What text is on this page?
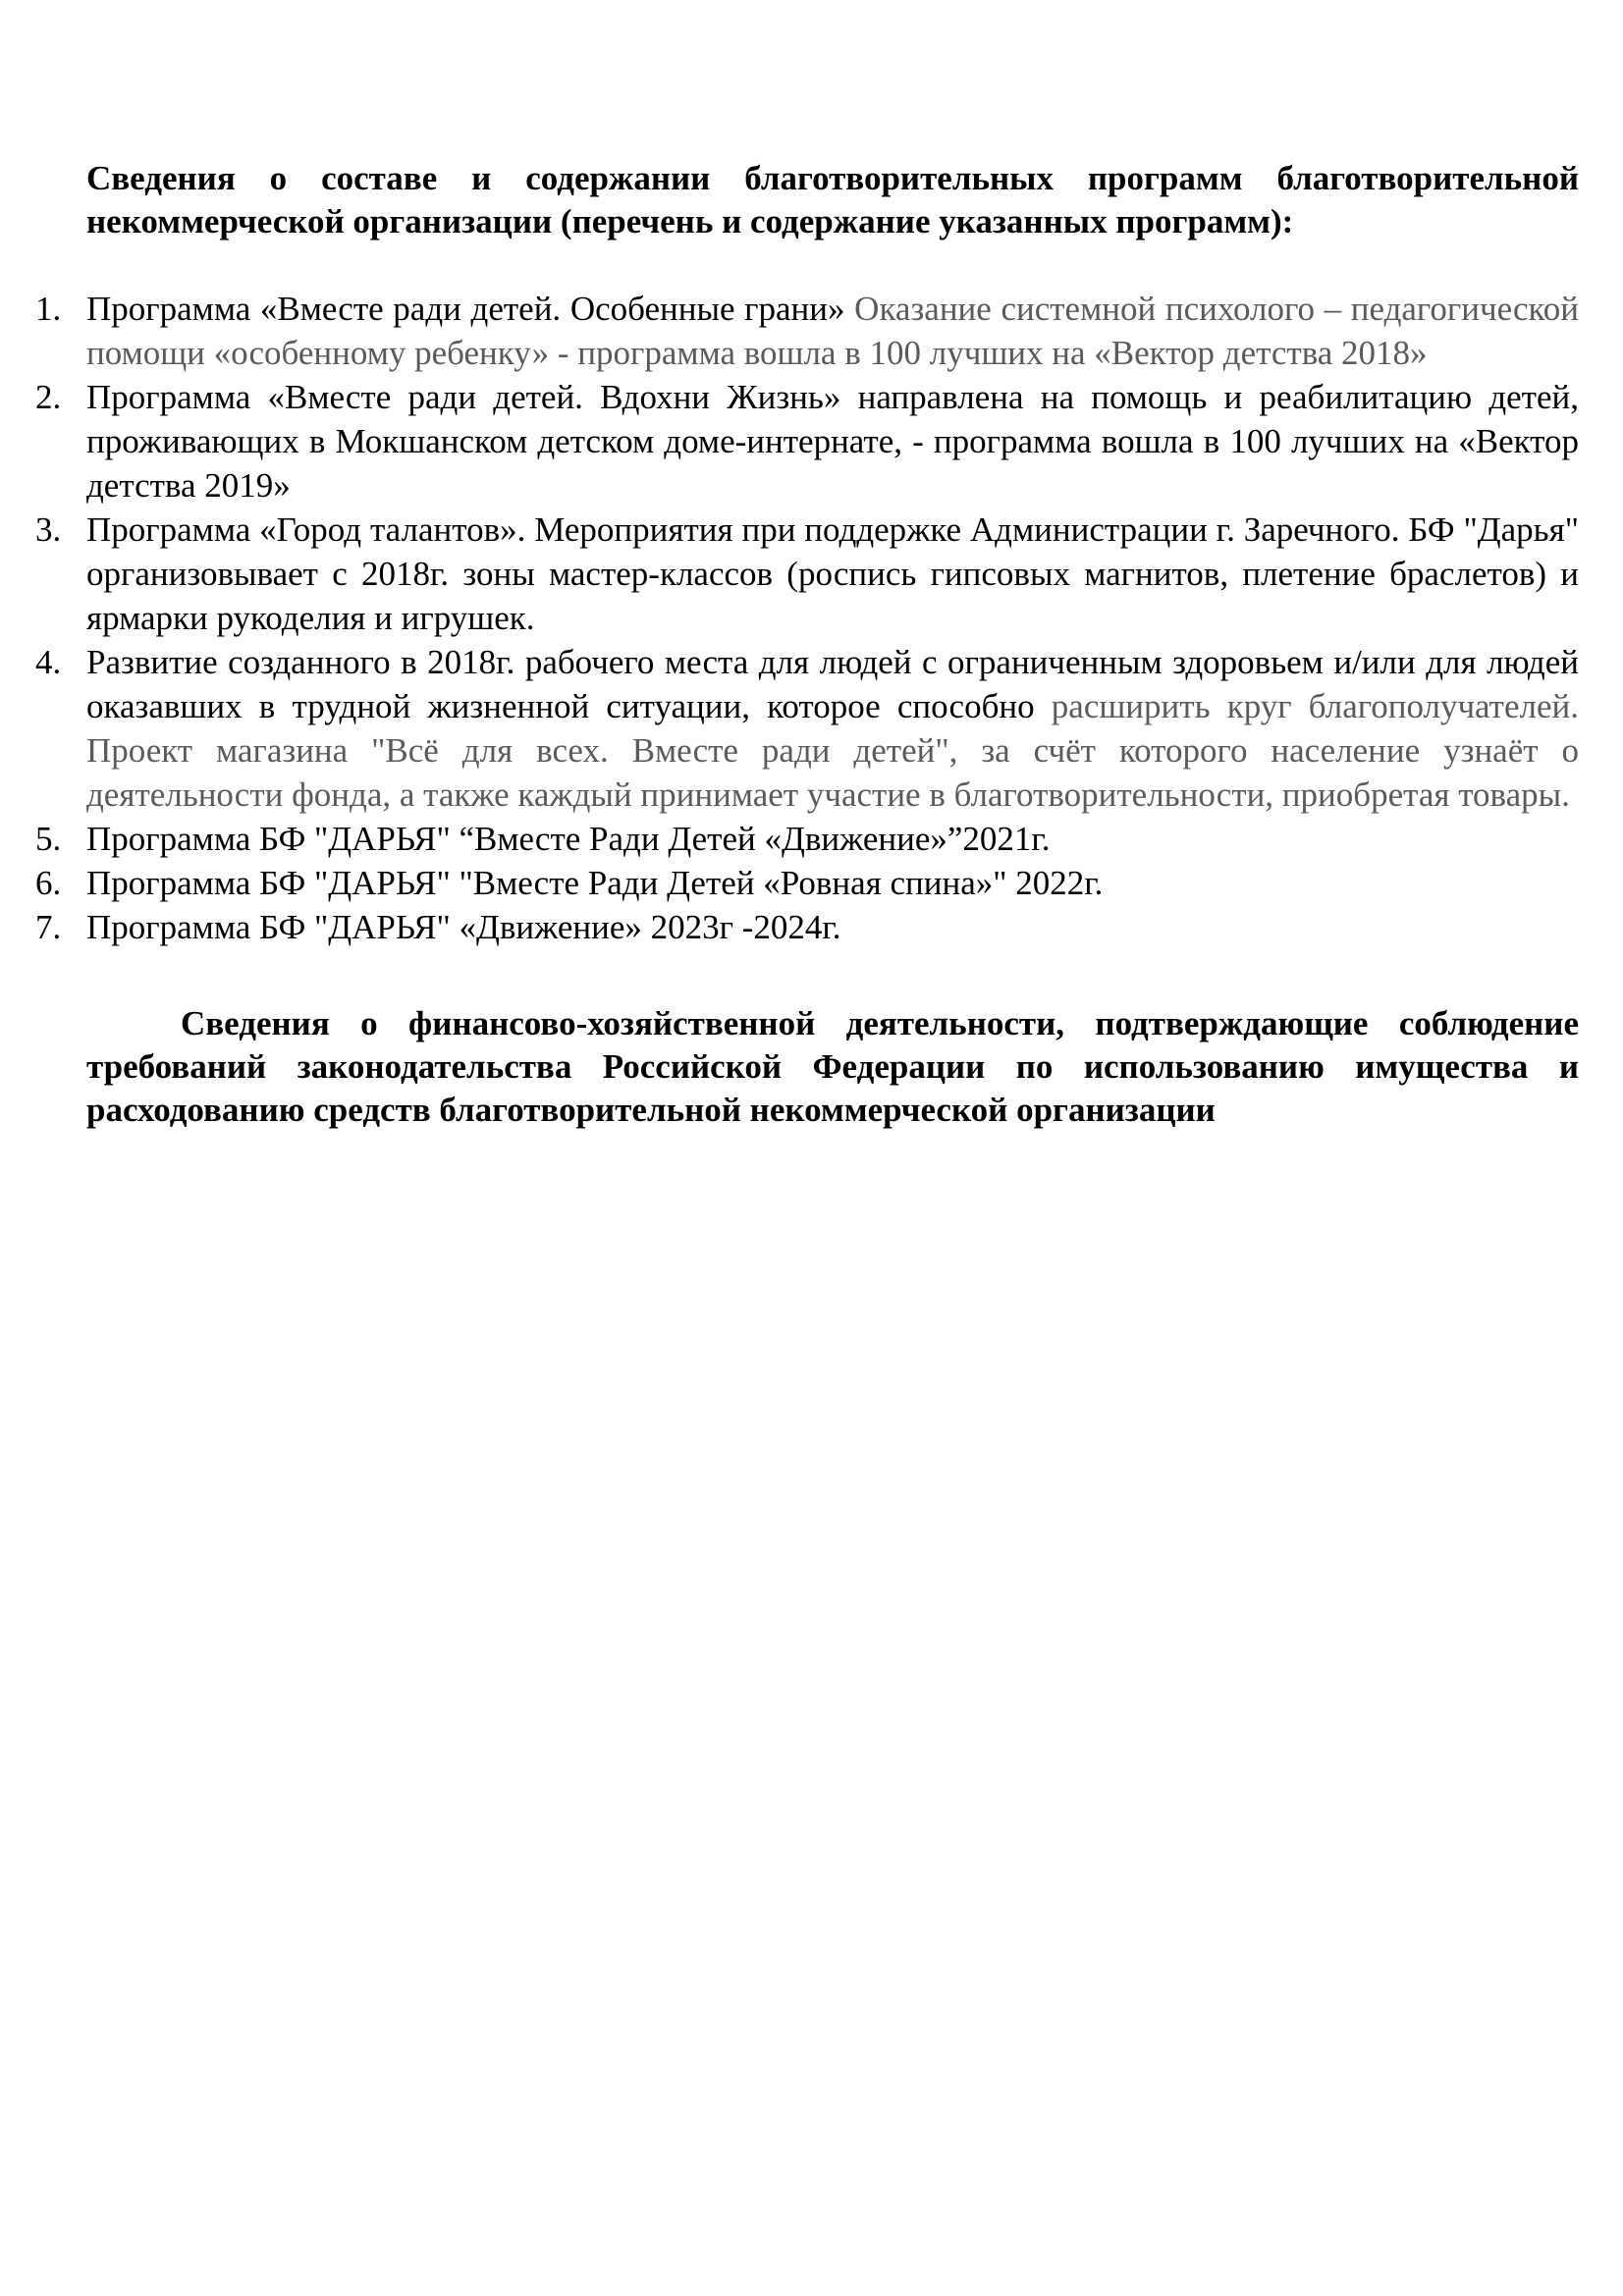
Сведения о составе и содержании благотворительных программ благотворительной некоммерческой организации (перечень и содержание указанных программ):

1. Программа «Вместе ради детей. Особенные грани» Оказание системной психолого – педагогической помощи «особенному ребенку» - программа вошла в 100 лучших на «Вектор детства 2018»
2. Программа «Вместе ради детей. Вдохни Жизнь» направлена на помощь и реабилитацию детей, проживающих в Мокшанском детском доме-интернате, - программа вошла в 100 лучших на «Вектор детства 2019»
3. Программа «Город талантов». Мероприятия при поддержке Администрации г. Заречного. БФ "Дарья" организовывает с 2018г. зоны мастер-классов (роспись гипсовых магнитов, плетение браслетов) и ярмарки рукоделия и игрушек.
4. Развитие созданного в 2018г. рабочего места для людей с ограниченным здоровьем и/или для людей оказавших в трудной жизненной ситуации, которое способно расширить круг благополучателей. Проект магазина "Всё для всех. Вместе ради детей", за счёт которого население узнаёт о деятельности фонда, а также каждый принимает участие в благотворительности, приобретая товары.
5. Программа БФ "ДАРЬЯ" “Вместе Ради Детей «Движение»”2021г.
6. Программа БФ "ДАРЬЯ" "Вместе Ради Детей «Ровная спина»" 2022г.
7. Программа БФ "ДАРЬЯ" «Движение» 2023г -2024г.

Сведения о финансово-хозяйственной деятельности, подтверждающие соблюдение требований законодательства Российской Федерации по использованию имущества и расходованию средств благотворительной некоммерческой организации
